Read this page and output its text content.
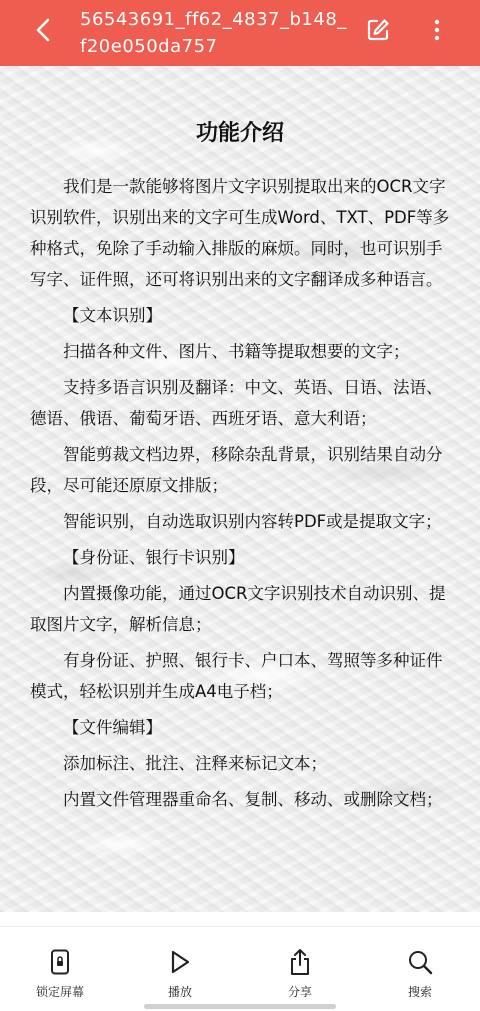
56543691_ff62_4837_b148_f20e050da757
功能介绍

我们是一款能够将图片文字识别提取出来的OCR文字识别软件，识别出来的文字可生成Word、TXT、PDF等多种格式，免除了手动输入排版的麻烦。同时，也可识别手写字、证件照，还可将识别出来的文字翻译成多种语言。

【文本识别】

扫描各种文件、图片、书籍等提取想要的文字；

支持多语言识别及翻译：中文、英语、日语、法语、德语、俄语、葡萄牙语、西班牙语、意大利语；

智能剪裁文档边界，移除杂乱背景，识别结果自动分段，尽可能还原原文排版；

智能识别，自动选取识别内容转PDF或是提取文字；

【身份证、银行卡识别】

内置摄像功能，通过OCR文字识别技术自动识别、提取图片文字，解析信息；

有身份证、护照、银行卡、户口本、驾照等多种证件模式，轻松识别并生成A4电子档；

【文件编辑】

添加标注、批注、注释来标记文本；

内置文件管理器重命名、复制、移动、或删除文档；

锁定屏幕	播放	分享	搜索
